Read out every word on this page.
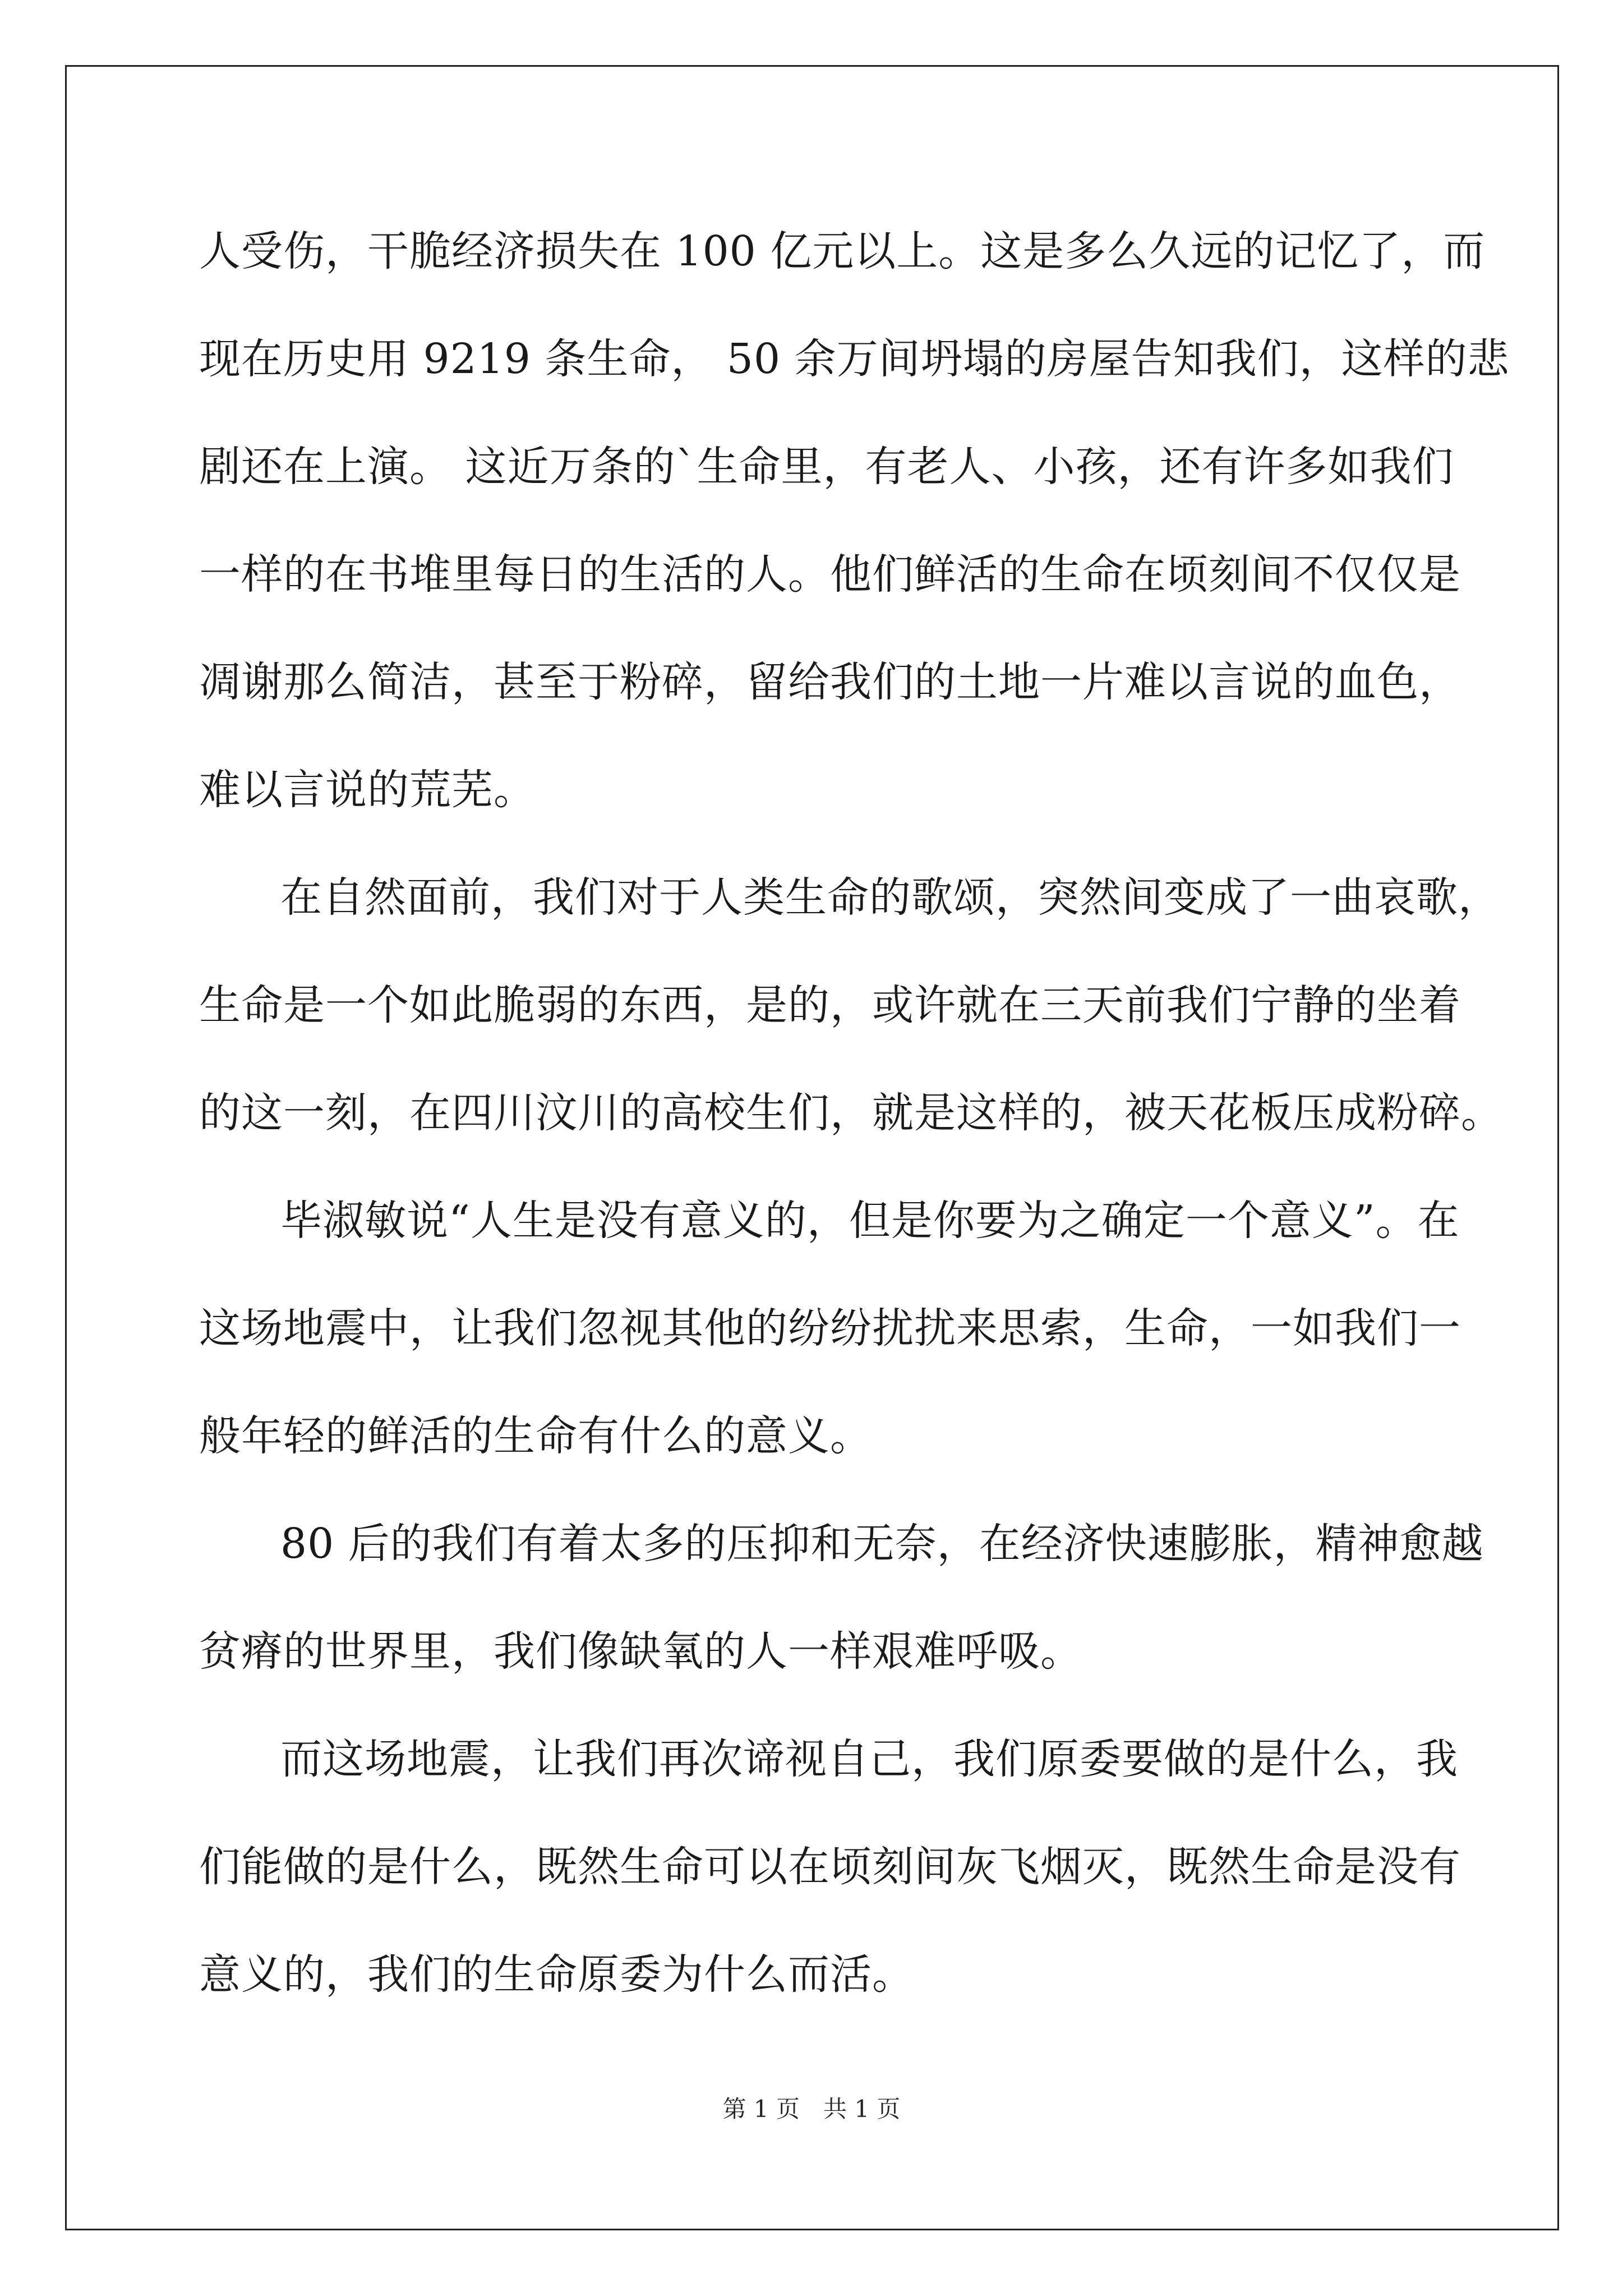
人受伤，干脆经济损失在 100 亿元以上。这是多么久远的记忆了，而

现在历史用 9219 条生命， 50 余万间坍塌的房屋告知我们，这样的悲

剧还在上演。 这近万条的`生命里，有老人、小孩，还有许多如我们

一样的在书堆里每日的生活的人。他们鲜活的生命在顷刻间不仅仅是

凋谢那么简洁，甚至于粉碎，留给我们的土地一片难以言说的血色，

难以言说的荒芜。

在自然面前，我们对于人类生命的歌颂，突然间变成了一曲哀歌，

生命是一个如此脆弱的东西，是的，或许就在三天前我们宁静的坐着

的这一刻，在四川汶川的高校生们，就是这样的，被天花板压成粉碎。

毕淑敏说“人生是没有意义的，但是你要为之确定一个意义”。在

这场地震中，让我们忽视其他的纷纷扰扰来思索，生命，一如我们一

般年轻的鲜活的生命有什么的意义。

80 后的我们有着太多的压抑和无奈，在经济快速膨胀，精神愈越

贫瘠的世界里，我们像缺氧的人一样艰难呼吸。

而这场地震，让我们再次谛视自己，我们原委要做的是什么，我

们能做的是什么，既然生命可以在顷刻间灰飞烟灭，既然生命是没有

意义的，我们的生命原委为什么而活。

第 1 页　共 1 页
